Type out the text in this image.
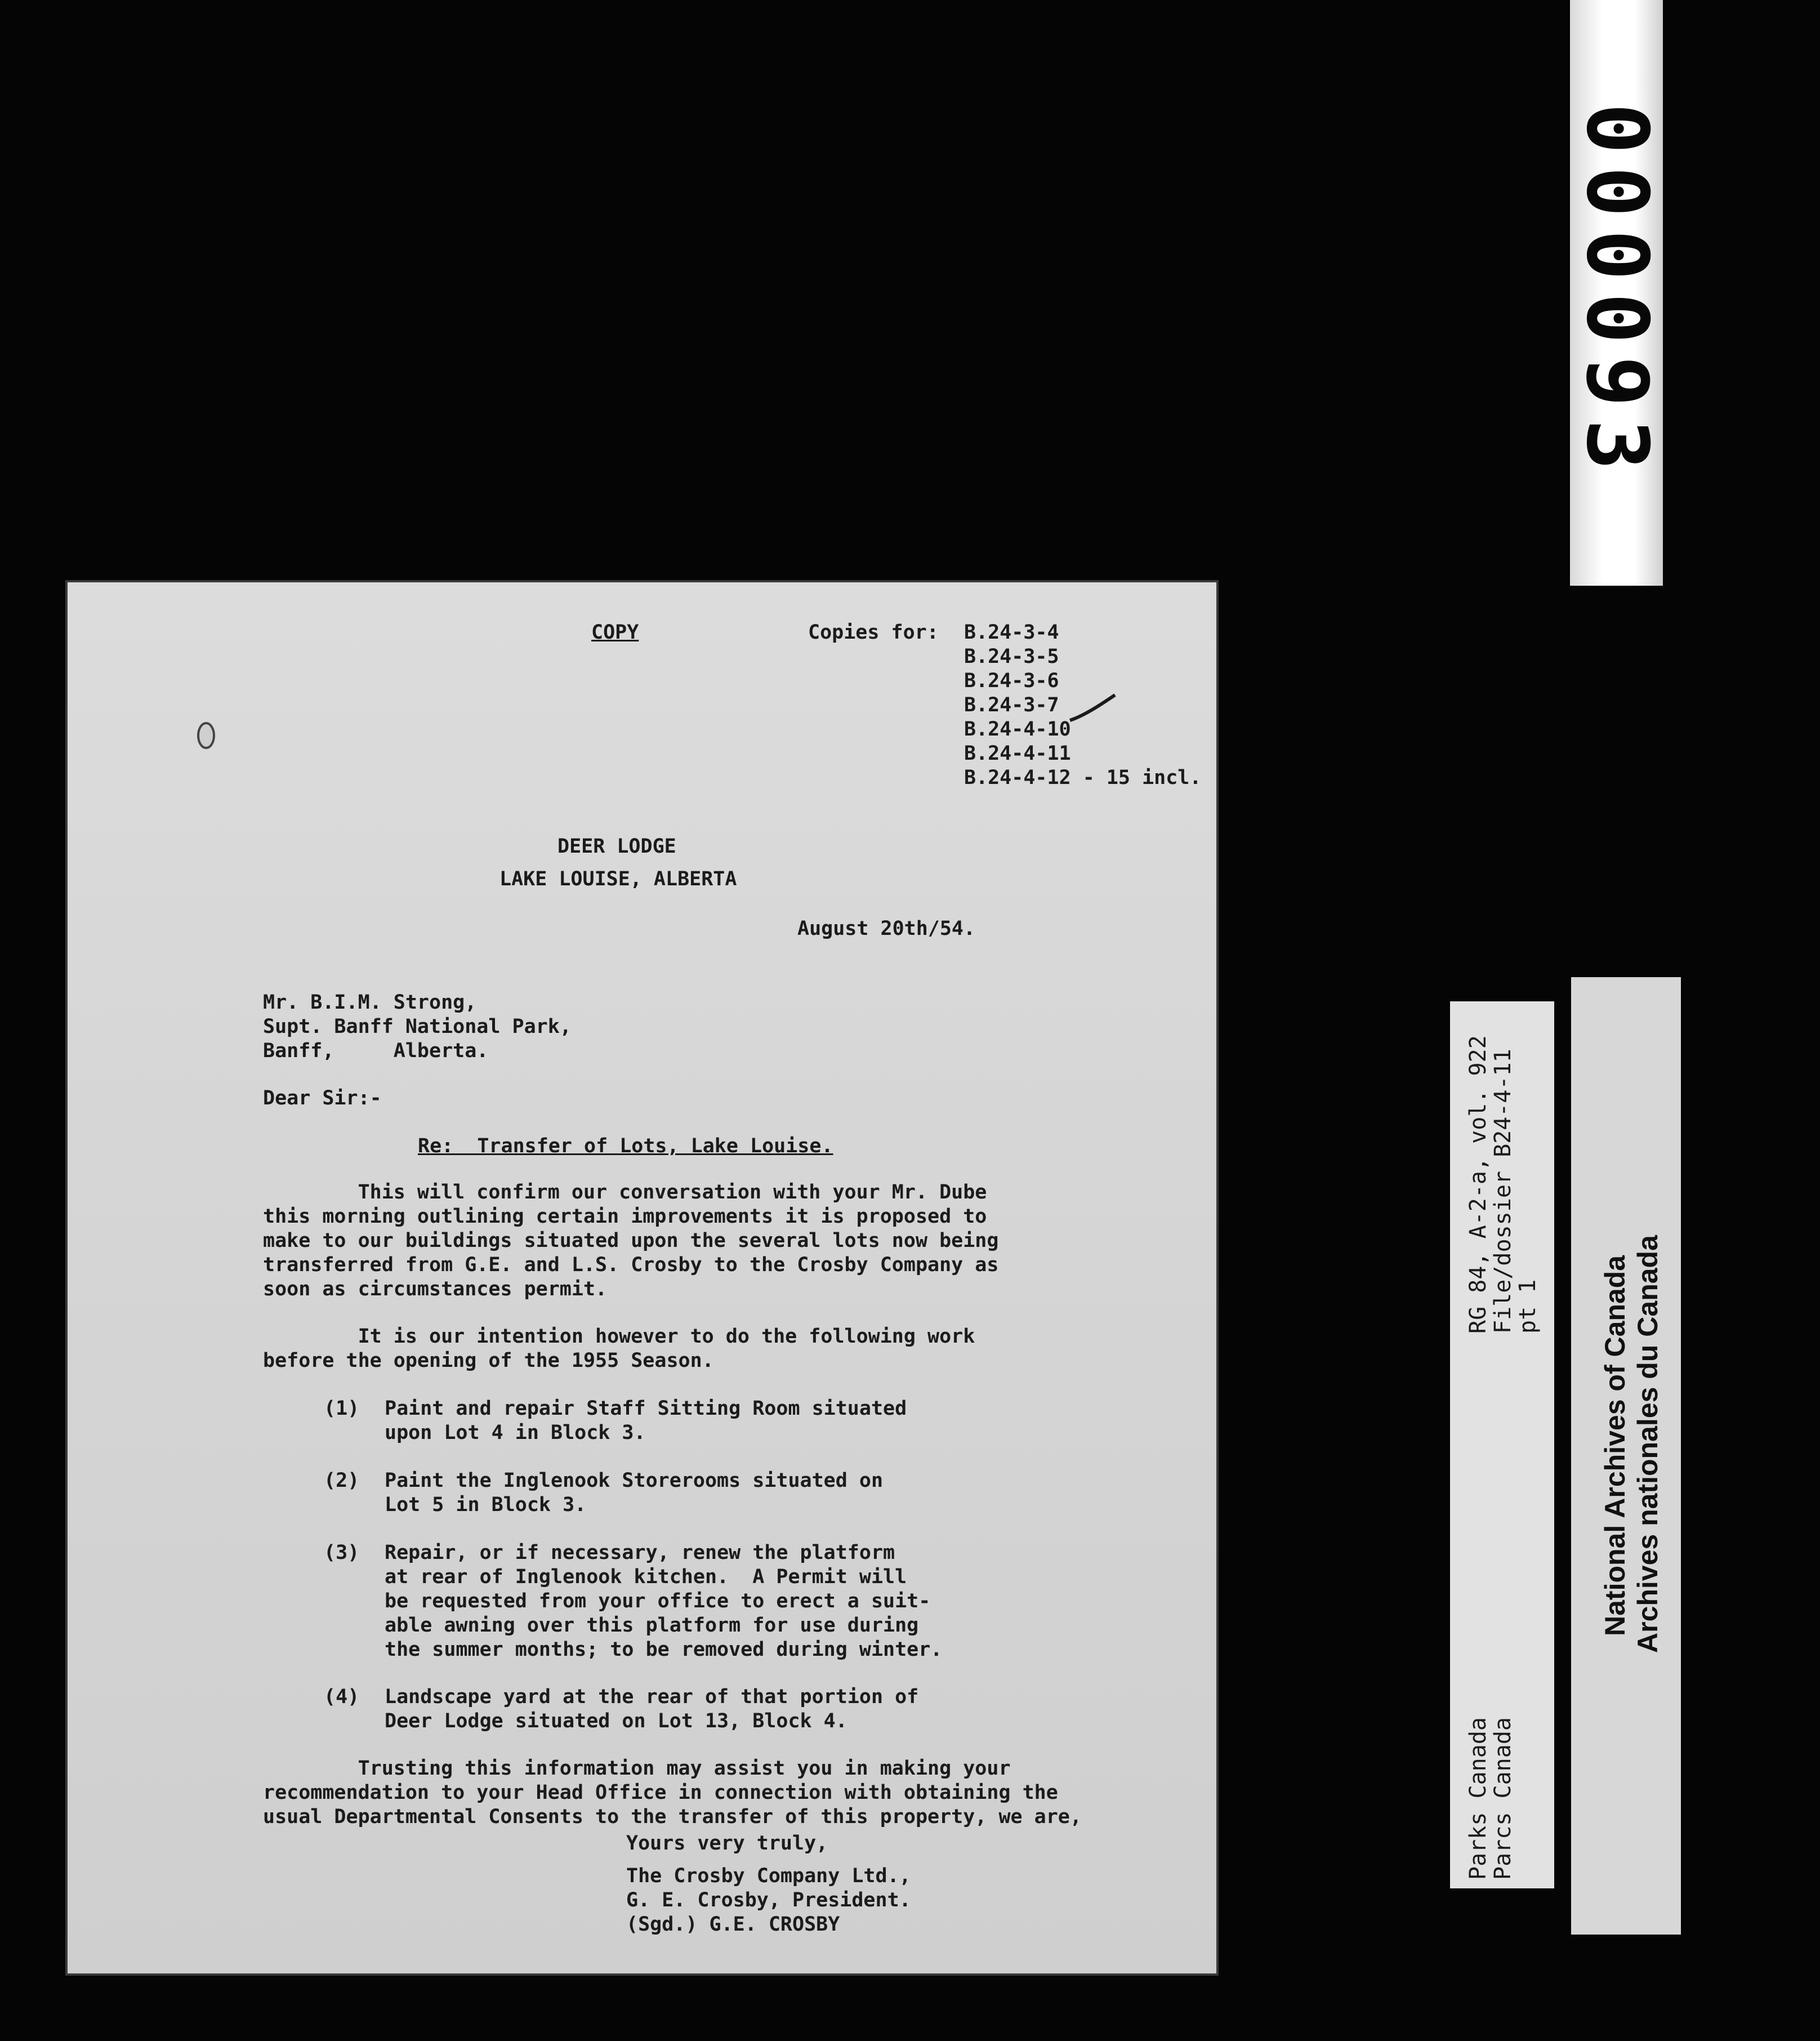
000093
COPY	Copies for: B.24-3-4
B.24-3-5
B.24-3-6
B.24-3-7
B.24-4-10
B.24-4-11
B.24-4-12 - 15 incl.
DEER LODGE
LAKE LOUISE, ALBERTA
August 20th/54.
Mr. B.I.M. Strong,
Supt. Banff National Park,
Banff,     Alberta.
Dear Sir:-
Re:  Transfer of Lots, Lake Louise.
This will confirm our conversation with your Mr. Dube
this morning outlining certain improvements it is proposed to
make to our buildings situated upon the several lots now being
transferred from G.E. and L.S. Crosby to the Crosby Company as
soon as circumstances permit.
It is our intention however to do the following work
before the opening of the 1955 Season.
(1) Paint and repair Staff Sitting Room situated
upon Lot 4 in Block 3.
(2) Paint the Inglenook Storerooms situated on
Lot 5 in Block 3.
(3) Repair, or if necessary, renew the platform
at rear of Inglenook kitchen.  A Permit will
be requested from your office to erect a suit-
able awning over this platform for use during
the summer months; to be removed during winter.
(4) Landscape yard at the rear of that portion of
Deer Lodge situated on Lot 13, Block 4.
Trusting this information may assist you in making your
recommendation to your Head Office in connection with obtaining the
usual Departmental Consents to the transfer of this property, we are,
Yours very truly,
The Crosby Company Ltd.,
G. E. Crosby, President.
(Sgd.) G.E. CROSBY
RG 84, A-2-a, vol. 922
File/dossier B24-4-11
pt 1
Parks Canada
Parcs Canada
National Archives of Canada Archives nationales du Canada
